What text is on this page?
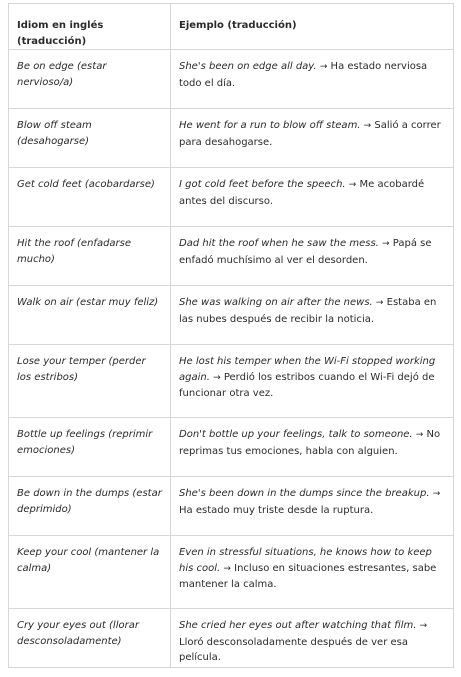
Idiom en inglés (traducción)	Ejemplo (traducción)
Be on edge (estar nervioso/a)	She's been on edge all day. → Ha estado nerviosa todo el día.
Blow off steam (desahogarse)	He went for a run to blow off steam. → Salió a correr para desahogarse.
Get cold feet (acobardarse)	I got cold feet before the speech. → Me acobardé antes del discurso.
Hit the roof (enfadarse mucho)	Dad hit the roof when he saw the mess. → Papá se enfadó muchísimo al ver el desorden.
Walk on air (estar muy feliz)	She was walking on air after the news. → Estaba en las nubes después de recibir la noticia.
Lose your temper (perder los estribos)	He lost his temper when the Wi-Fi stopped working again. → Perdió los estribos cuando el Wi-Fi dejó de funcionar otra vez.
Bottle up feelings (reprimir emociones)	Don't bottle up your feelings, talk to someone. → No reprimas tus emociones, habla con alguien.
Be down in the dumps (estar deprimido)	She's been down in the dumps since the breakup. → Ha estado muy triste desde la ruptura.
Keep your cool (mantener la calma)	Even in stressful situations, he knows how to keep his cool. → Incluso en situaciones estresantes, sabe mantener la calma.
Cry your eyes out (llorar desconsoladamente)	She cried her eyes out after watching that film. → Lloró desconsoladamente después de ver esa película.
